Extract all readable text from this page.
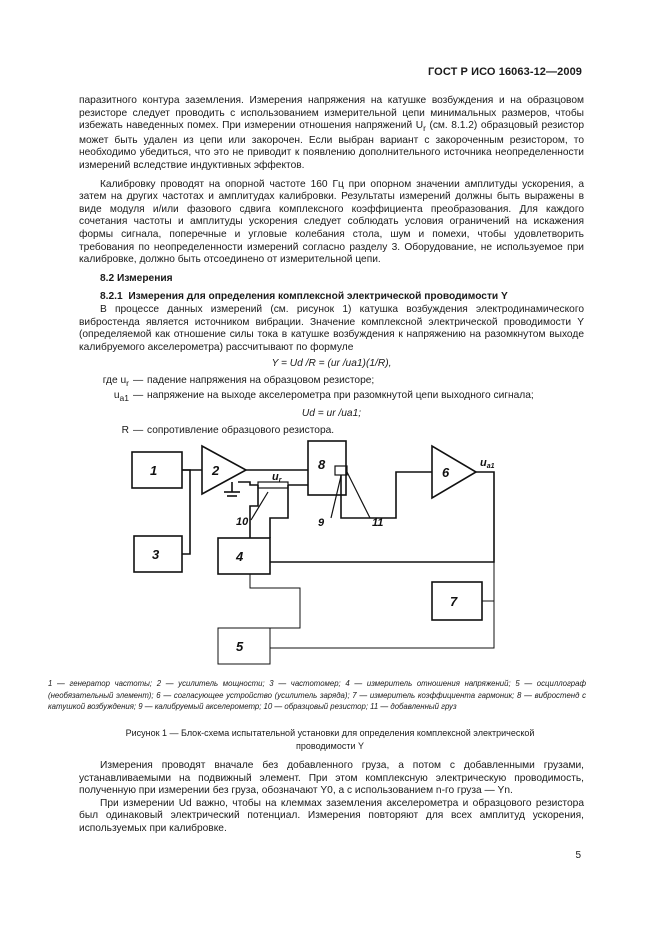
ГОСТ Р ИСО 16063-12—2009

паразитного контура заземления. Измерения напряжения на катушке возбуждения и на образцовом резисторе следует проводить с использованием измерительной цепи минимальных размеров, чтобы избежать наведенных помех. При измерении отношения напряжений $U_r$ (см. 8.1.2) образцовый резистор может быть удален из цепи или закорочен. Если выбран вариант с закороченным резистором, то необходимо убедиться, что это не приводит к появлению дополнительного источника неопределенности измерений вследствие индуктивных эффектов.

Калибровку проводят на опорной частоте 160 Гц при опорном значении амплитуды ускорения, а затем на других частотах и амплитудах калибровки. Результаты измерений должны быть выражены в виде модуля и/или фазового сдвига комплексного коэффициента преобразования. Для каждого сочетания частоты и амплитуды ускорения следует соблюдать условия ограничений на искажения формы сигнала, поперечные и угловые колебания стола, шум и помехи, чтобы удовлетворить требования по неопределенности измерений согласно разделу 3. Оборудование, не используемое при калибровке, должно быть отсоединено от измерительной цепи.

8.2 Измерения

8.2.1 Измерения для определения комплексной электрической проводимости Y

В процессе данных измерений (см. рисунок 1) катушка возбуждения электродинамического вибростенда является источником вибрации. Значение комплексной электрической проводимости Y (определяемой как отношение силы тока в катушке возбуждения к напряжению на разомкнутом выходе калибруемого акселерометра) рассчитывают по формуле

Y = Ud /R = (ur /ua1)(1/R),

где $u_r$ — падение напряжения на образцовом резисторе;
$u_{a1}$ — напряжение на выходе акселерометра при разомкнутой цепи выходного сигнала;

Ud = ur /ua1;

R — сопротивление образцового резистора.
1	2
3	4
5
6
7
8
10	9	11
ur
ua1
1 — генератор частоты; 2 — усилитель мощности; 3 — частотомер; 4 — измеритель отношения напряжений; 5 — осциллограф (необязательный элемент); 6 — согласующее устройство (усилитель заряда); 7 — измеритель коэффициента гармоник; 8 — вибростенд с катушкой возбуждения; 9 — калибруемый акселерометр; 10 — образцовый резистор; 11 — добавленный груз
Рисунок 1 — Блок-схема испытательной установки для определения комплексной электрической
проводимости Y

Измерения проводят вначале без добавленного груза, а потом с добавленными грузами, устанавливаемыми на подвижный элемент. При этом комплексную электрическую проводимость, полученную при измерении без груза, обозначают Y0, а с использованием n-го груза — Yn.

При измерении Ud важно, чтобы на клеммах заземления акселерометра и образцового резистора был одинаковый электрический потенциал. Измерения повторяют для всех амплитуд ускорения, используемых при калибровке.

5
